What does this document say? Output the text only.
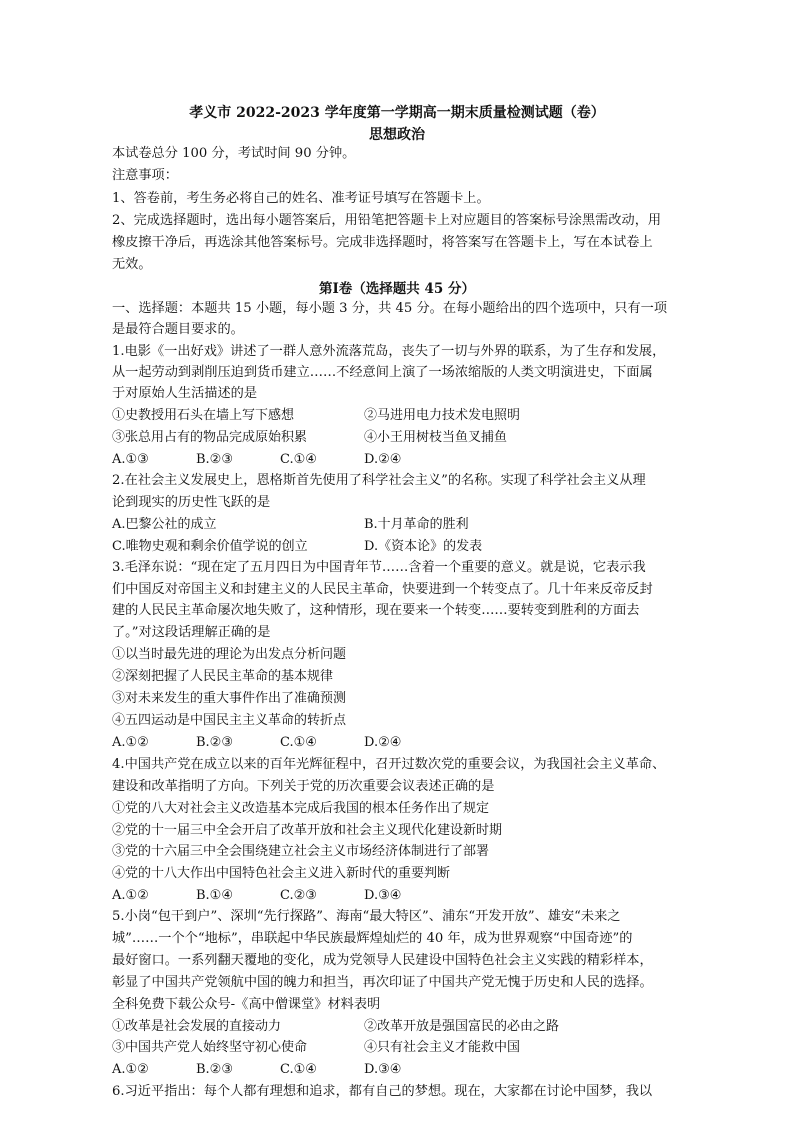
孝义市 2022-2023 学年度第一学期高一期末质量检测试题（卷）
思想政治
本试卷总分 100 分，考试时间 90 分钟。
注意事项：
1、答卷前，考生务必将自己的姓名、准考证号填写在答题卡上。
2、完成选择题时，选出每小题答案后，用铅笔把答题卡上对应题目的答案标号涂黑需改动，用
橡皮擦干净后，再选涂其他答案标号。完成非选择题时，将答案写在答题卡上，写在本试卷上
无效。
第Ⅰ卷（选择题共 45 分）
一、选择题：本题共 15 小题，每小题 3 分，共 45 分。在每小题给出的四个选项中，只有一项
是最符合题目要求的。
1.电影《一出好戏》讲述了一群人意外流落荒岛，丧失了一切与外界的联系，为了生存和发展，
从一起劳动到剥削压迫到货币建立……不经意间上演了一场浓缩版的人类文明演进史，下面属
于对原始人生活描述的是
①史教授用石头在墙上写下感想	②马进用电力技术发电照明
③张总用占有的物品完成原始积累	④小王用树枝当鱼叉捕鱼
A.①③	B.②③	C.①④	D.②④
2.在社会主义发展史上，恩格斯首先使用了科学社会主义”的名称。实现了科学社会主义从理
论到现实的历史性飞跃的是
A.巴黎公社的成立	B.十月革命的胜利
C.唯物史观和剩余价值学说的创立	D.《资本论》的发表
3.毛泽东说：“现在定了五月四日为中国青年节……含着一个重要的意义。就是说，它表示我
们中国反对帝国主义和封建主义的人民民主革命，快要进到一个转变点了。几十年来反帝反封
建的人民民主革命屡次地失败了，这种情形，现在要来一个转变……要转变到胜利的方面去
了。”对这段话理解正确的是
①以当时最先进的理论为出发点分析问题
②深刻把握了人民民主革命的基本规律
③对未来发生的重大事件作出了准确预测
④五四运动是中国民主主义革命的转折点
A.①②	B.②③	C.①④	D.②④
4.中国共产党在成立以来的百年光辉征程中，召开过数次党的重要会议，为我国社会主义革命、
建设和改革指明了方向。下列关于党的历次重要会议表述正确的是
①党的八大对社会主义改造基本完成后我国的根本任务作出了规定
②党的十一届三中全会开启了改革开放和社会主义现代化建设新时期
③党的十六届三中全会围绕建立社会主义市场经济体制进行了部署
④党的十八大作出中国特色社会主义进入新时代的重要判断
A.①②	B.①④	C.②③	D.③④
5.小岗“包干到户”、深圳“先行探路”、海南“最大特区”、浦东“开发开放”、雄安“未来之
城”……一个个“地标”，串联起中华民族最辉煌灿烂的 40 年，成为世界观察“中国奇迹”的
最好窗口。一系列翻天覆地的变化，成为党领导人民建设中国特色社会主义实践的精彩样本，
彰显了中国共产党领航中国的魄力和担当，再次印证了中国共产党无愧于历史和人民的选择。
全科免费下载公众号-《高中僧课堂》材料表明
①改革是社会发展的直接动力	②改革开放是强国富民的必由之路
③中国共产党人始终坚守初心使命	④只有社会主义才能救中国
A.①②	B.②③	C.①④	D.③④
6.习近平指出：每个人都有理想和追求，都有自己的梦想。现在，大家都在讨论中国梦，我以
